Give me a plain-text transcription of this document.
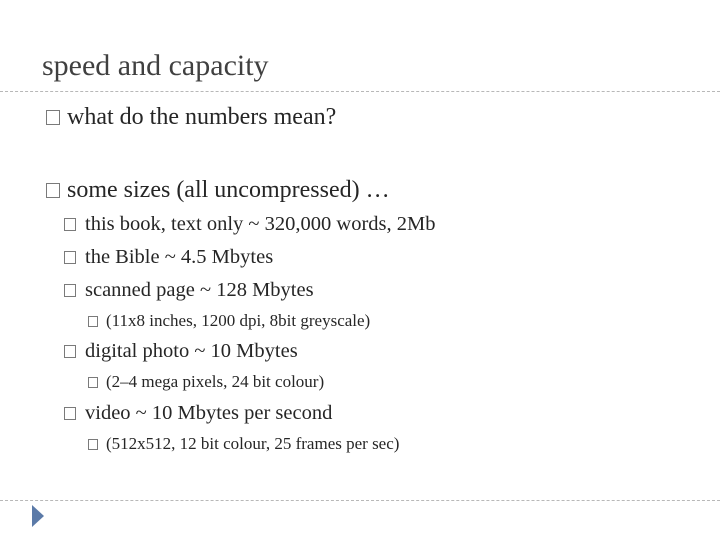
speed and capacity
what do the numbers mean?
some sizes (all uncompressed) …
this book, text only ~ 320,000 words, 2Mb
the Bible ~ 4.5 Mbytes
scanned page ~ 128 Mbytes
(11x8 inches, 1200 dpi, 8bit greyscale)
digital photo ~ 10 Mbytes
(2–4 mega pixels, 24 bit colour)
video ~ 10 Mbytes per second
(512x512, 12 bit colour, 25 frames per sec)
